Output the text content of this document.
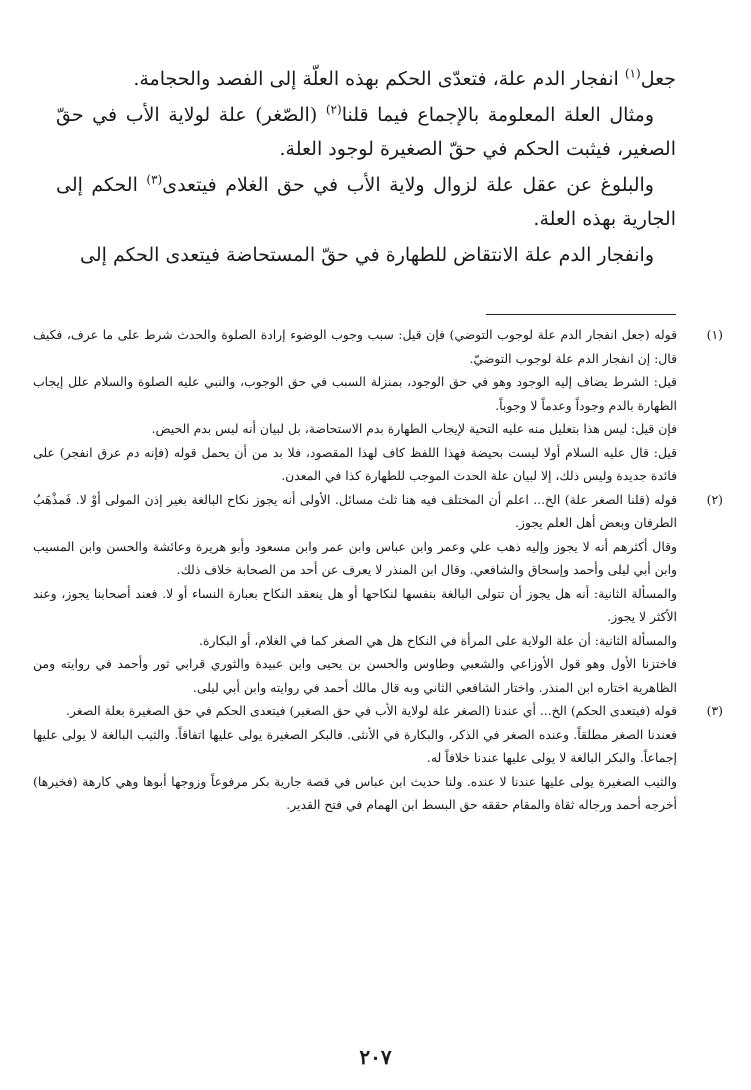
جعل$^{(١)}$ انفجار الدم علة، فتعدّى الحكم بهذه العلّة إلى الفصد والحجامة.

ومثال العلة المعلومة بالإجماع فيما قلنا$^{(٢)}$ (الصّغر) علة لولاية الأب في حقّ الصغير، فيثبت الحكم في حقّ الصغيرة لوجود العلة.

والبلوغ عن عقل علة لزوال ولاية الأب في حق الغلام فيتعدى$^{(٣)}$ الحكم إلى الجارية بهذه العلة.

وانفجار الدم علة الانتقاض للطهارة في حقّ المستحاضة فيتعدى الحكم إلى

(١)

قوله (جعل انفجار الدم علة لوجوب التوضي) فإن قيل: سبب وجوب الوضوء إرادة الصلوة والحدث شرط على ما عرف، فكيف قال: إن انفجار الدم علة لوجوب التوضيّ.

قيل: الشرط يضاف إليه الوجود وهو في حق الوجود، بمنزلة السبب في حق الوجوب، والنبي عليه الصلوة والسلام علل إيجاب الطهارة بالدم وجوداً وعدماً لا وجوباً.

فإن قيل: ليس هذا بتعليل منه عليه التحية لإيجاب الطهارة بدم الاستحاضة، بل لبيان أنه ليس بدم الحيض.

قيل: قال عليه السلام أولا ليست بحيضة فهذا اللفظ كاف لهذا المقصود، فلا بد من أن يحمل قوله (فإنه دم عرق انفجر) على فائدة جديدة وليس ذلك، إلا لبيان علة الحدث الموجب للطهارة كذا في المعدن.

(٢)

قوله (قلنا الصغر علة) الخ... اعلم أن المختلف فيه هنا ثلث مسائل. الأولى أنه يجوز نكاح البالغة بغير إذن المولى أوْ لا. فَمذْهَبُ الطرفان وبعض أهل العلم يجوز.

وقال أكثرهم أنه لا يجوز وإليه ذهب علي وعمر وابن عباس وابن عمر وابن مسعود وأبو هريرة وعائشة والحسن وابن المسيب وابن أبي ليلى وأحمد وإسحاق والشافعي. وقال ابن المنذر لا يعرف عن أحد من الصحابة خلاف ذلك.

والمسألة الثانية: أنه هل يجوز أن تتولى البالغة بنفسها لنكاحها أو هل ينعقد النكاح بعبارة النساء أو لا. فعند أصحابنا يجوز، وعند الأكثر لا يجوز.

والمسألة الثانية: أن علة الولاية على المرأة في النكاح هل هي الصغر كما في الغلام، أو البكارة.

فاختزنا الأول وهو قول الأوزاعي والشعبي وطاوس والحسن بن يحيى وابن عبيدة والثوري قرابي ثور وأحمد في روايته ومن الظاهرية اختاره ابن المنذر. واختار الشافعي الثاني وبه قال مالك أحمد في روايته وابن أبي ليلى.

(٣)

قوله (فيتعدى الحكم) الخ... أي عندنا (الصغر علة لولاية الأب في حق الصغير) فيتعدى الحكم في حق الصغيرة بعلة الصغر.

فعندنا الصغر مطلقاً. وعنده الصغر في الذكر، والبكارة في الأنثى. فالبكر الصغيرة يولى عليها اتفاقاً. والثيب البالغة لا يولى عليها إجماعاً. والبكر البالغة لا يولى عليها عندنا خلافاً له.

والثيب الصغيرة يولى عليها عندنا لا عنده. ولنا حديث ابن عباس في قصة جارية بكر مرفوعاً وزوجها أبوها وهي كارهة (فخيرها) أخرجه أحمد ورجاله ثقاة والمقام حققه حق البسط ابن الهمام في فتح القدير.

٢٠٧
